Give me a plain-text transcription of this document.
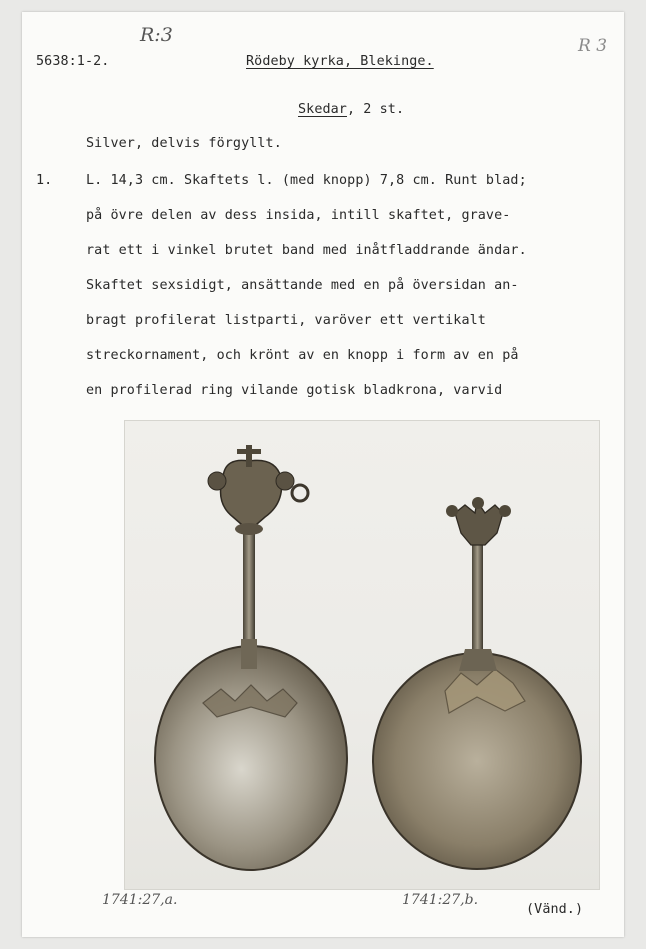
R:3
5638:1-2.	Rödeby kyrka, Blekinge.
R 3
Skedar, 2 st.
Silver, delvis förgyllt.
1.	L. 14,3 cm. Skaftets l. (med knopp) 7,8 cm. Runt blad;
på övre delen av dess insida, intill skaftet, grave-
rat ett i vinkel brutet band med inåtfladdrande ändar.
Skaftet sexsidigt, ansättande med en på översidan an-
bragt profilerat listparti, varöver ett vertikalt
streckornament, och krönt av en knopp i form av en på
en profilerad ring vilande gotisk bladkrona, varvid
1741:27,a.	1741:27,b.
(Vänd.)
